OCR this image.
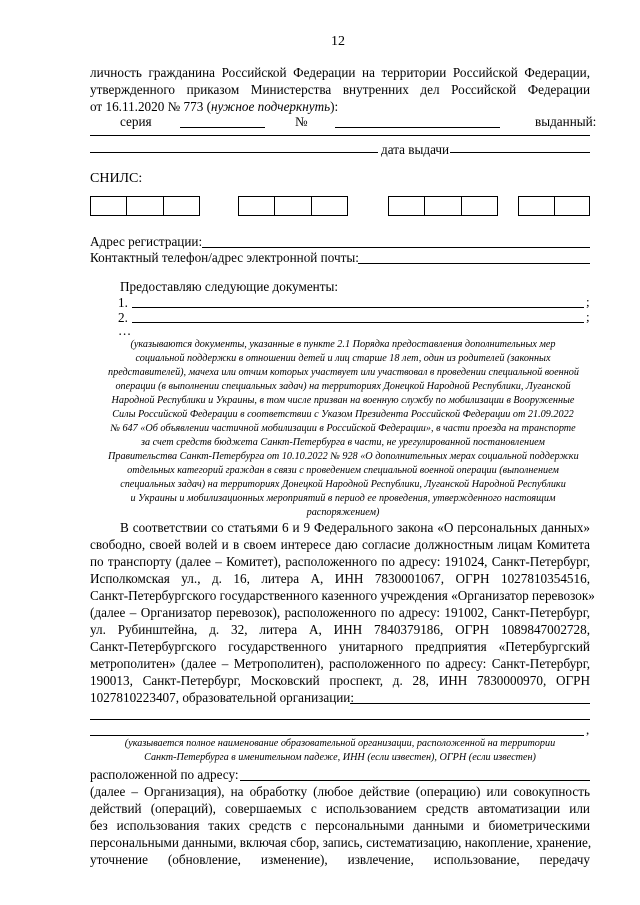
12
личность гражданина Российской Федерации на территории Российской Федерации,
утвержденного приказом Министерства внутренних дел Российской Федерации
от 16.11.2020 № 773 (нужное подчеркнуть):
серия	№	выданный:
дата выдачи
СНИЛС:
Адрес регистрации:
Контактный телефон/адрес электронной почты:
Предоставляю следующие документы:
1.	;
2.	;
…
(указываются документы, указанные в пункте 2.1 Порядка предоставления дополнительных мер
социальной поддержки в отношении детей и лиц старше 18 лет, один из родителей (законных
представителей), мачеха или отчим которых участвует или участвовал в проведении специальной военной
операции (в выполнении специальных задач) на территориях Донецкой Народной Республики, Луганской
Народной Республики и Украины, в том числе призван на военную службу по мобилизации в Вооруженные
Силы Российской Федерации в соответствии с Указом Президента Российской Федерации от 21.09.2022
№ 647 «Об объявлении частичной мобилизации в Российской Федерации», в части проезда на транспорте
за счет средств бюджета Санкт-Петербурга в части, не урегулированной постановлением
Правительства Санкт-Петербурга от 10.10.2022 № 928 «О дополнительных мерах социальной поддержки
отдельных категорий граждан в связи с проведением специальной военной операции (выполнением
специальных задач) на территориях Донецкой Народной Республики, Луганской Народной Республики
и Украины и мобилизационных мероприятий в период ее проведения, утвержденного настоящим
распоряжением)
В соответствии со статьями 6 и 9 Федерального закона «О персональных данных»
свободно, своей волей и в своем интересе даю согласие должностным лицам Комитета
по транспорту (далее – Комитет), расположенного по адресу: 191024, Санкт-Петербург,
Исполкомская ул., д. 16, литера А, ИНН 7830001067, ОГРН 1027810354516,
Санкт-Петербургского государственного казенного учреждения «Организатор перевозок»
(далее – Организатор перевозок), расположенного по адресу: 191002, Санкт-Петербург,
ул. Рубинштейна, д. 32, литера А, ИНН 7840379186, ОГРН 1089847002728,
Санкт-Петербургского государственного унитарного предприятия «Петербургский
метрополитен» (далее – Метрополитен), расположенного по адресу: Санкт-Петербург,
190013, Санкт-Петербург, Московский проспект, д. 28, ИНН 7830000970, ОГРН
1027810223407, образовательной организации:
,
(указывается полное наименование образовательной организации, расположенной на территории
Санкт-Петербурга в именительном падеже, ИНН (если известен), ОГРН (если известен)
расположенной по адресу:
(далее – Организация), на обработку (любое действие (операцию) или совокупность
действий (операций), совершаемых с использованием средств автоматизации или
без использования таких средств с персональными данными и биометрическими
персональными данными, включая сбор, запись, систематизацию, накопление, хранение,
уточнение (обновление, изменение), извлечение, использование, передачу
